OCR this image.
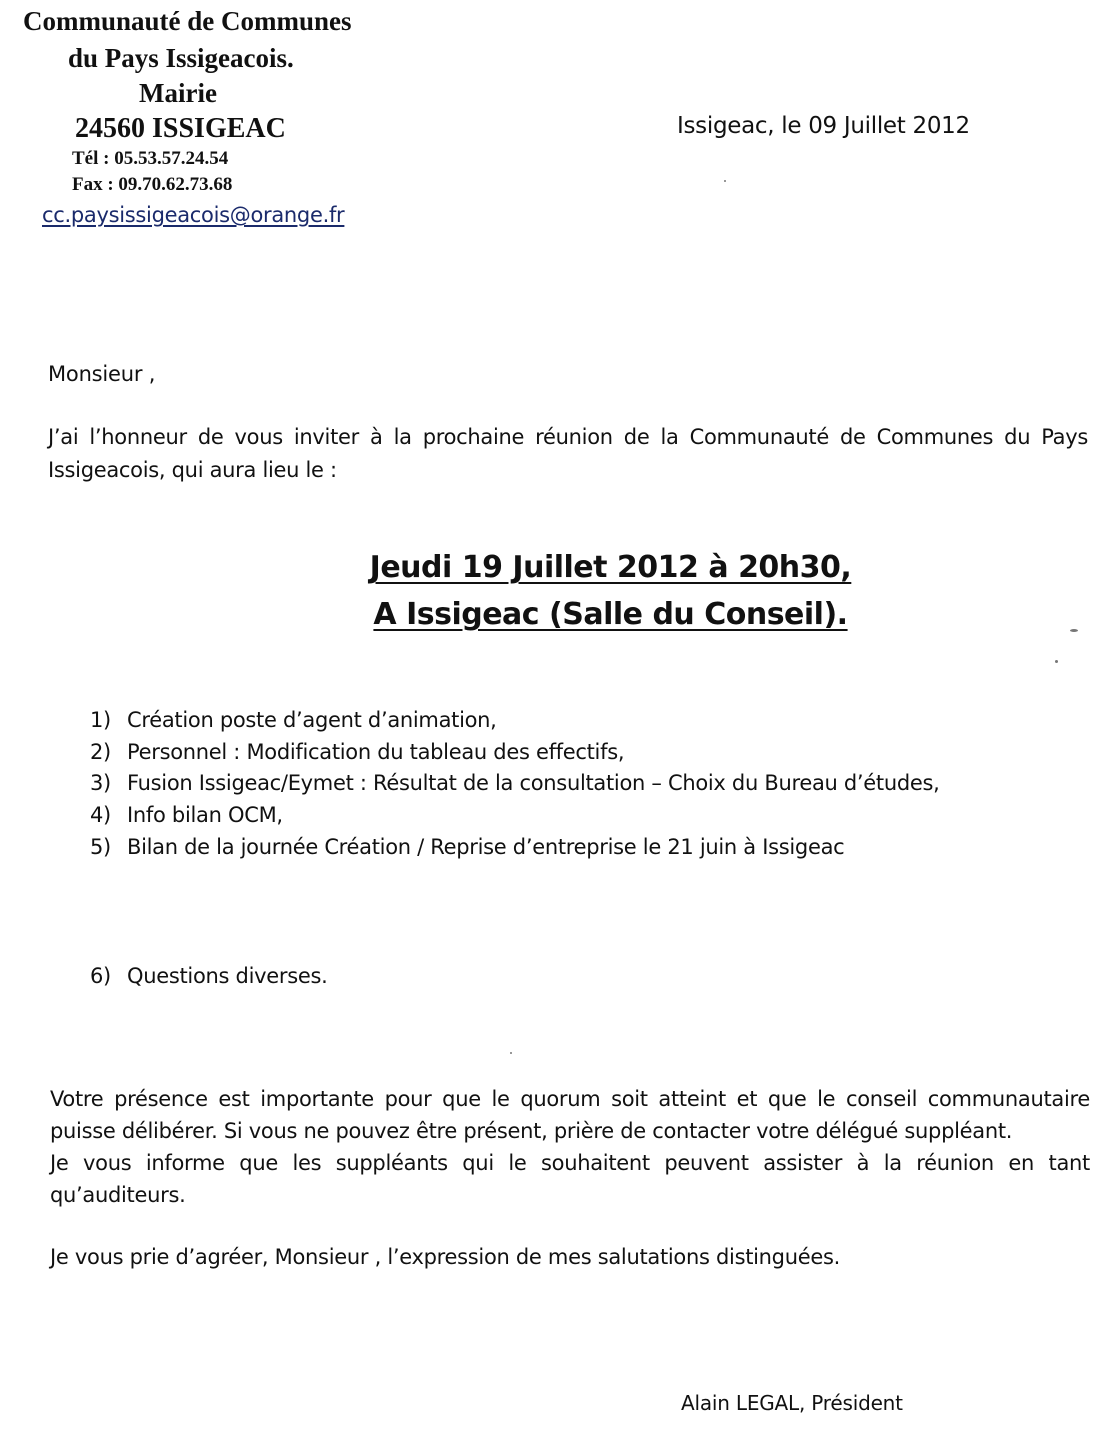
Communauté de Communes
du Pays Issigeacois.
Mairie
24560 ISSIGEAC
Tél : 05.53.57.24.54
Fax : 09.70.62.73.68
cc.paysissigeacois@orange.fr
Issigeac, le 09 Juillet 2012
Monsieur ,
J’ai l’honneur de vous inviter à la prochaine réunion de la Communauté de Communes du Pays Issigeacois, qui aura lieu le :
Jeudi 19 Juillet 2012 à 20h30,
A Issigeac (Salle du Conseil).
1) Création poste d’agent d’animation,
2) Personnel : Modification du tableau des effectifs,
3) Fusion Issigeac/Eymet : Résultat de la consultation – Choix du Bureau d’études,
4) Info bilan OCM,
5) Bilan de la journée Création / Reprise d’entreprise le 21 juin à Issigeac
6) Questions diverses.
Votre présence est importante pour que le quorum soit atteint et que le conseil communautaire
puisse délibérer. Si vous ne pouvez être présent, prière de contacter votre délégué suppléant.
Je vous informe que les suppléants qui le souhaitent peuvent assister à la réunion en tant
qu’auditeurs.
Je vous prie d’agréer, Monsieur , l’expression de mes salutations distinguées.
Alain LEGAL, Président
